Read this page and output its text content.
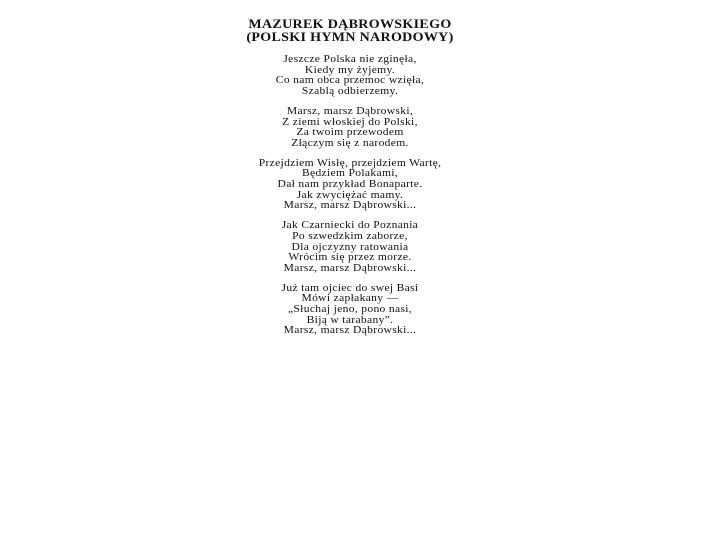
MAZUREK DĄBROWSKIEGO

(POLSKI HYMN NARODOWY)

Jeszcze Polska nie zginęła,
Kiedy my żyjemy.
Co nam obca przemoc wzięła,
Szablą odbierzemy.
Marsz, marsz Dąbrowski,
Z ziemi włoskiej do Polski,
Za twoim przewodem
Złączym się z narodem.
Przejdziem Wisłę, przejdziem Wartę,
Będziem Polakami,
Dał nam przykład Bonaparte.
Jak zwyciężać mamy.
Marsz, marsz Dąbrowski...
Jak Czarniecki do Poznania
Po szwedzkim zaborze,
Dla ojczyzny ratowania
Wrócim się przez morze.
Marsz, marsz Dąbrowski...
Już tam ojciec do swej Basi
Mówi zapłakany —
„Słuchaj jeno, pono nasi,
Biją w tarabany”.
Marsz, marsz Dąbrowski...
